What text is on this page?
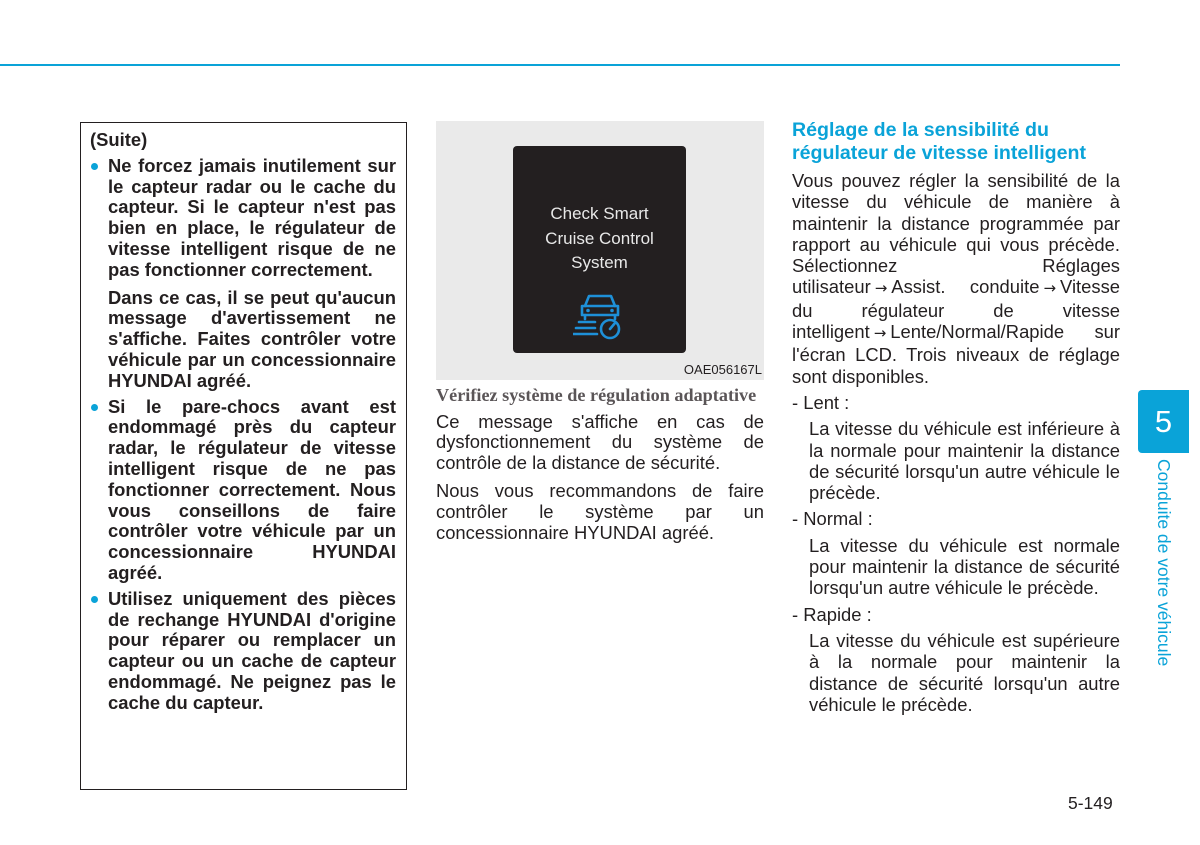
(Suite)

Ne forcez jamais inutilement sur le capteur radar ou le cache du capteur. Si le capteur n'est pas bien en place, le régulateur de vitesse intelligent risque de ne pas fonctionner correctement.

Dans ce cas, il se peut qu'aucun message d'avertissement ne s'affiche. Faites contrôler votre véhicule par un concessionnaire HYUNDAI agréé.

Si le pare-chocs avant est endommagé près du capteur radar, le régulateur de vitesse intelligent risque de ne pas fonctionner correctement. Nous vous conseillons de faire contrôler votre véhicule par un concessionnaire HYUNDAI agréé.

Utilisez uniquement des pièces de rechange HYUNDAI d'origine pour réparer ou remplacer un capteur ou un cache de capteur endommagé. Ne peignez pas le cache du capteur.

Check Smart
Cruise Control
System
OAE056167L

Vérifiez système de régulation adaptative

Ce message s'affiche en cas de dysfonctionnement du système de contrôle de la distance de sécurité.

Nous vous recommandons de faire contrôler le système par un concessionnaire HYUNDAI agréé.

Réglage de la sensibilité du régulateur de vitesse intelligent

Vous pouvez régler la sensibilité de la vitesse du véhicule de manière à maintenir la distance programmée par rapport au véhicule qui vous précède. Sélectionnez Réglages utilisateur → Assist. conduite → Vitesse du régulateur de vitesse intelligent → Lente/Normal/Rapide sur l'écran LCD. Trois niveaux de réglage sont disponibles.

- Lent :
La vitesse du véhicule est inférieure à la normale pour maintenir la distance de sécurité lorsqu'un autre véhicule le précède.
- Normal :
La vitesse du véhicule est normale pour maintenir la distance de sécurité lorsqu'un autre véhicule le précède.
- Rapide :
La vitesse du véhicule est supérieure à la normale pour maintenir la distance de sécurité lorsqu'un autre véhicule le précède.
5
Conduite de votre véhicule
5-149
